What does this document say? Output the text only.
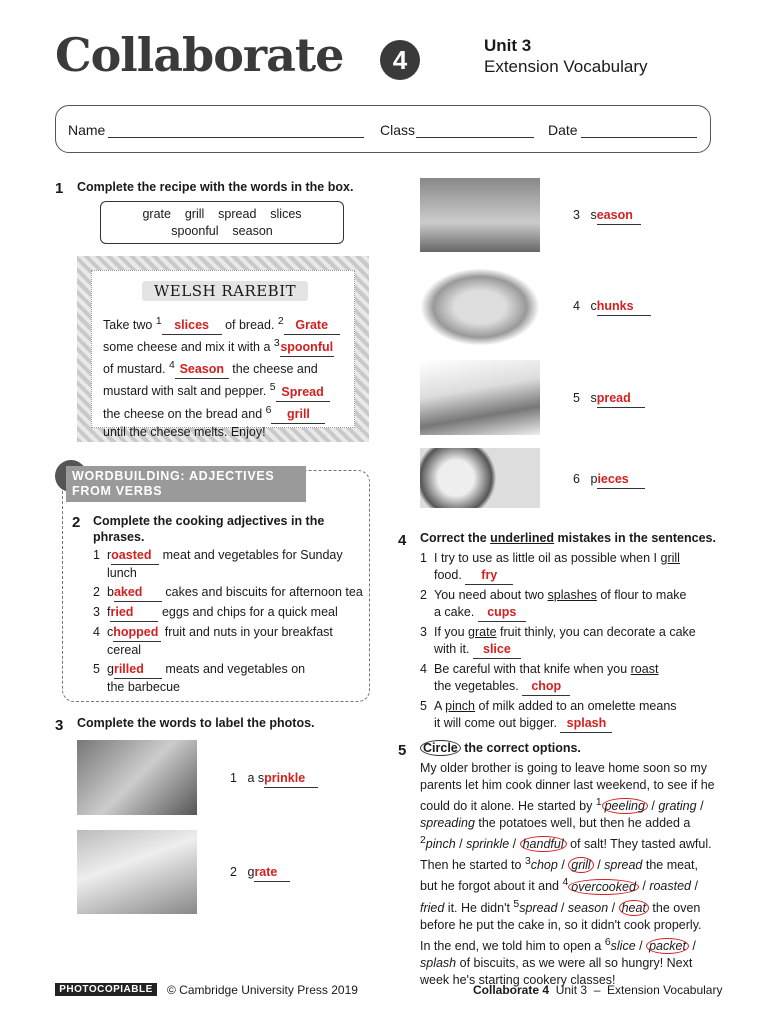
Collaborate	4	Unit 3
Extension Vocabulary
Name	Class	Date
1 Complete the recipe with the words in the box.
grate    grill    spread    slices
spoonful    season
WELSH RAREBIT
Take two $^1$ slices of bread. $^2$ Grate
some cheese and mix it with a $^3$spoonful
of mustard. $^4$ Season the cheese and
mustard with salt and pepper. $^5$ Spread
the cheese on the bread and $^6$ grill
until the cheese melts. Enjoy!
WORDBUILDING: ADJECTIVES
FROM VERBS
2 Complete the cooking adjectives in the
phrases.
1 roasted meat and vegetables for Sunday
lunch
2 baked cakes and biscuits for afternoon tea
3 fried eggs and chips for a quick meal
4 chopped fruit and nuts in your breakfast
cereal
5 grilled meats and vegetables on
the barbecue
3 Complete the words to label the photos.
1 a sprinkle
2 grate
3 season
4 chunks
5 spread
6 pieces
4 Correct the underlined mistakes in the sentences.
1 I try to use as little oil as possible when I grill
food. fry
2 You need about two splashes of flour to make
a cake. cups
3 If you grate fruit thinly, you can decorate a cake
with it. slice
4 Be careful with that knife when you roast
the vegetables. chop
5 A pinch of milk added to an omelette means
it will come out bigger. splash
5 Circle the correct options.
My older brother is going to leave home soon so my
parents let him cook dinner last weekend, to see if he
could do it alone. He started by $^1$ peeling / grating /
spreading the potatoes well, but then he added a
$^2$pinch / sprinkle / handful of salt! They tasted awful.
Then he started to $^3$chop / grill / spread the meat,
but he forgot about it and $^4$ overcooked / roasted /
fried it. He didn't $^5$spread / season / heat the oven
before he put the cake in, so it didn't cook properly.
In the end, we told him to open a $^6$slice / packet /
splash of biscuits, as we were all so hungry! Next
week he's starting cookery classes!
PHOTOCOPIABLE	© Cambridge University Press 2019	Collaborate 4  Unit 3  –  Extension Vocabulary
